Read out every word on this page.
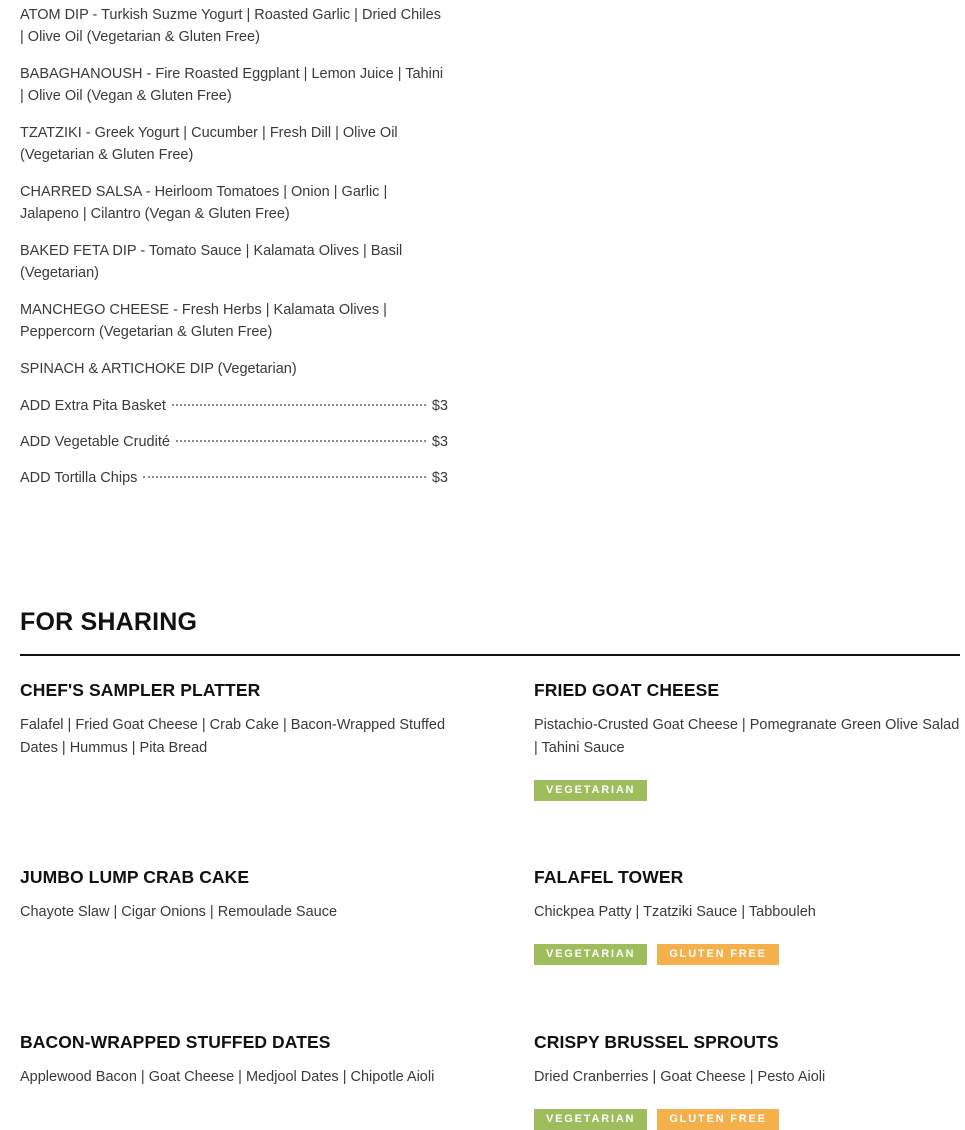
ATOM DIP - Turkish Suzme Yogurt | Roasted Garlic | Dried Chiles | Olive Oil (Vegetarian & Gluten Free)

BABAGHANOUSH - Fire Roasted Eggplant | Lemon Juice | Tahini | Olive Oil (Vegan & Gluten Free)

TZATZIKI - Greek Yogurt | Cucumber | Fresh Dill | Olive Oil (Vegetarian & Gluten Free)

CHARRED SALSA - Heirloom Tomatoes | Onion | Garlic | Jalapeno | Cilantro (Vegan & Gluten Free)

BAKED FETA DIP - Tomato Sauce | Kalamata Olives | Basil (Vegetarian)

MANCHEGO CHEESE - Fresh Herbs | Kalamata Olives | Peppercorn (Vegetarian & Gluten Free)

SPINACH & ARTICHOKE DIP (Vegetarian)

ADD Extra Pita Basket	$3
ADD Vegetable Crudité	$3
ADD Tortilla Chips	$3
FOR SHARING
CHEF'S SAMPLER PLATTER

Falafel | Fried Goat Cheese | Crab Cake | Bacon-Wrapped Stuffed Dates | Hummus | Pita Bread

FRIED GOAT CHEESE

Pistachio-Crusted Goat Cheese | Pomegranate Green Olive Salad | Tahini Sauce

VEGETARIAN
JUMBO LUMP CRAB CAKE

Chayote Slaw | Cigar Onions | Remoulade Sauce

FALAFEL TOWER

Chickpea Patty | Tzatziki Sauce | Tabbouleh

VEGETARIAN	GLUTEN FREE
BACON-WRAPPED STUFFED DATES

Applewood Bacon | Goat Cheese | Medjool Dates | Chipotle Aioli

CRISPY BRUSSEL SPROUTS

Dried Cranberries | Goat Cheese | Pesto Aioli

VEGETARIAN	GLUTEN FREE
